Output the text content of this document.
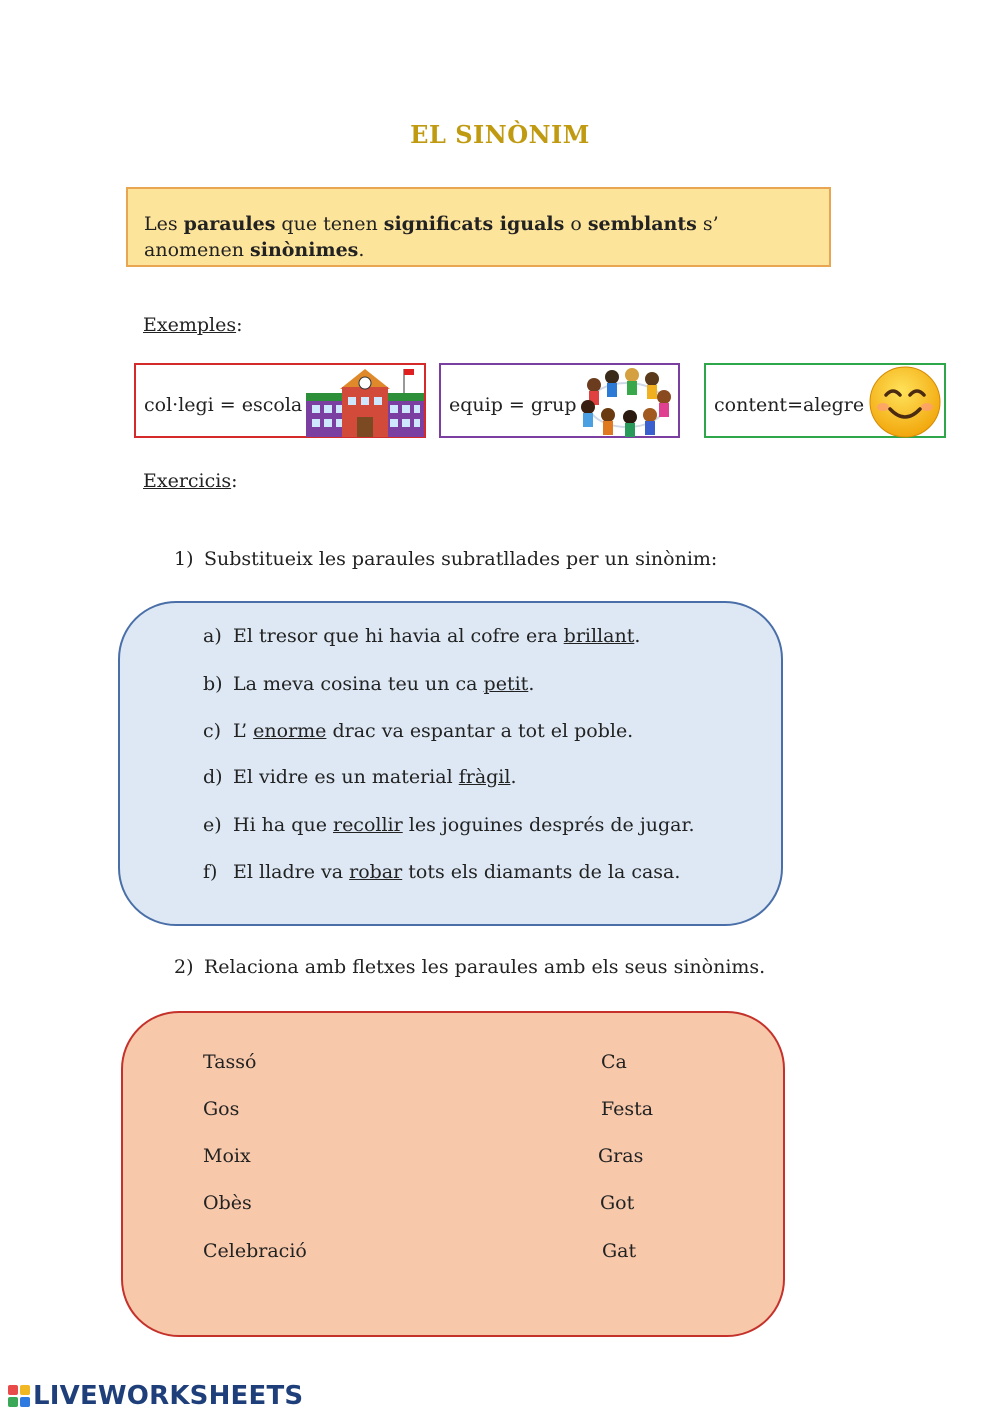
EL SINÒNIM
Les paraules que tenen significats iguals o semblants s’ anomenen sinònimes.
Exemples:
col·legi = escola	equip = grup	content=alegre
Exercicis:
1) Substitueix les paraules subratllades per un sinònim:
a) El tresor que hi havia al cofre era brillant.
b) La meva cosina teu un ca petit.
c) L’ enorme drac va espantar a tot el poble.
d) El vidre es un material fràgil.
e) Hi ha que recollir les joguines després de jugar.
f) El lladre va robar tots els diamants de la casa.
2) Relaciona amb fletxes les paraules amb els seus sinònims.
Tassó
Gos
Moix
Obès
Celebració
Ca
Festa
Gras
Got
Gat
LIVEWORKSHEETS
